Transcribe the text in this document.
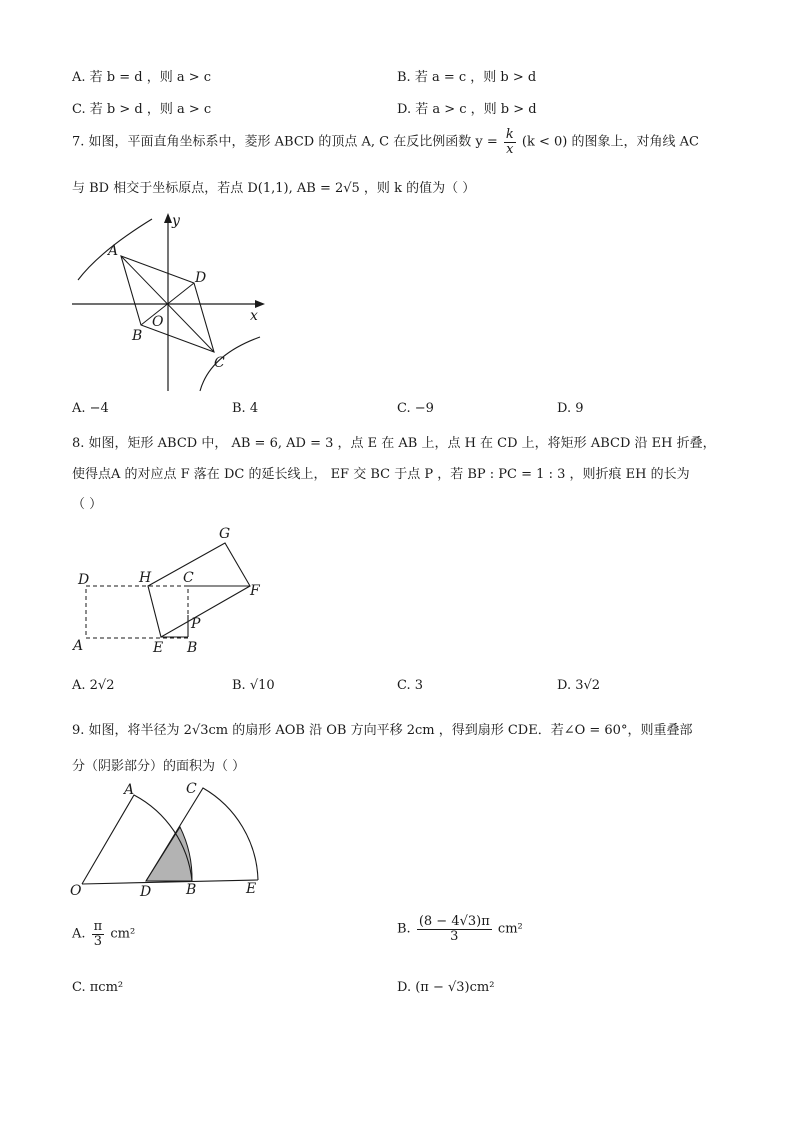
A. 若 b = d ，则 a > c	B. 若 a = c ，则 b > d
C. 若 b > d ，则 a > c	D. 若 a > c ，则 b > d
7. 如图，平面直角坐标系中，菱形 ABCD 的顶点 A, C 在反比例函数 $y = \frac{k}{x} (k < 0)$ 的图象上，对角线 AC
与 BD 相交于坐标原点，若点 D(1,1), AB = 2√5 ，则 k 的值为（ ）
y
x
A
D
O
B
C
A. −4	B. 4	C. −9	D. 9
8. 如图，矩形 ABCD 中， AB = 6, AD = 3 ，点 E 在 AB 上，点 H 在 CD 上，将矩形 ABCD 沿 EH 折叠，
使得点A 的对应点 F 落在 DC 的延长线上， EF 交 BC 于点 P ，若 BP : PC = 1 : 3 ，则折痕 EH 的长为
（ ）
G
D	H C
F
P
A	E B
A. 2√2	B. √10	C. 3	D. 3√2
9. 如图，将半径为 2√3cm 的扇形 AOB 沿 OB 方向平移 2cm ，得到扇形 CDE．若∠O = 60°，则重叠部
分（阴影部分）的面积为（ ）
A	C
O	D B	E
A. $\frac{\pi}{3} cm^2$	B. $\frac{(8 - 4√3)\pi}{3} cm^2$
C. πcm²	D. (π − √3)cm²
